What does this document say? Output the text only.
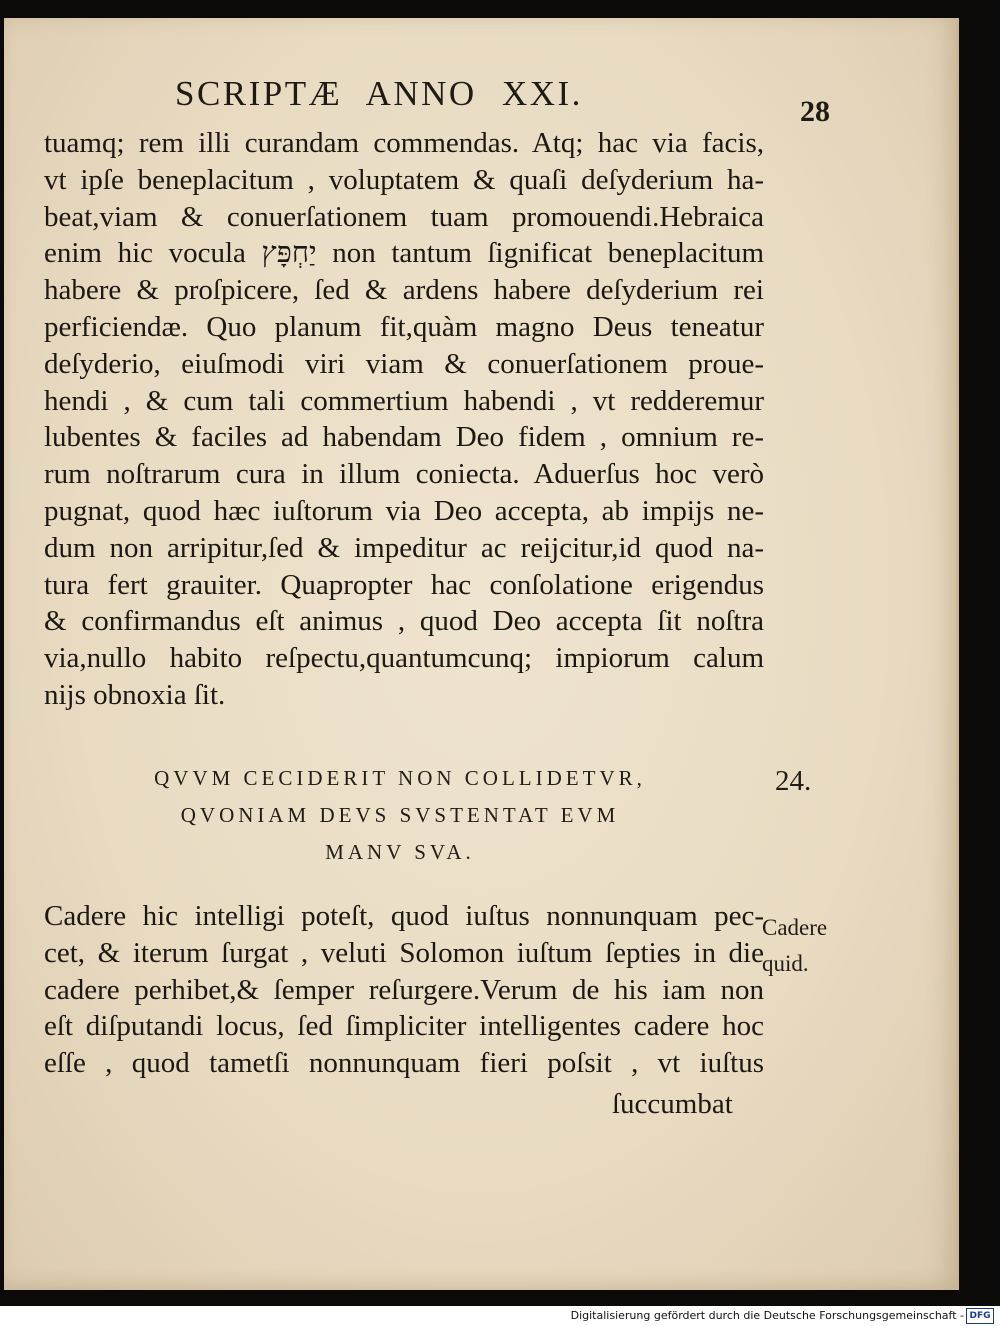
SCRIPTÆ ANNO XXI.	28
tuamq; rem illi curandam commendas. Atq; hac via facis,
vt ipſe beneplacitum , voluptatem & quaſi deſyderium ha-
beat,viam & conuerſationem tuam promouendi.Hebraica
enim hic vocula יַחְפָּץ non tantum ſignificat beneplacitum
habere & proſpicere, ſed & ardens habere deſyderium rei
perficiendæ. Quo planum fit,quàm magno Deus teneatur
deſyderio, eiuſmodi viri viam & conuerſationem proue-
hendi , & cum tali commertium habendi , vt redderemur
lubentes & faciles ad habendam Deo fidem , omnium re-
rum noſtrarum cura in illum coniecta. Aduerſus hoc verò
pugnat, quod hæc iuſtorum via Deo accepta, ab impijs ne-
dum non arripitur,ſed & impeditur ac reijcitur,id quod na-
tura fert grauiter. Quapropter hac conſolatione erigendus
& confirmandus eſt animus , quod Deo accepta ſit noſtra
via,nullo habito reſpectu,quantumcunq; impiorum calum
nijs obnoxia ſit.
QVVM CECIDERIT NON COLLIDETVR,
QVONIAM DEVS SVSTENTAT EVM
MANV SVA.
24.
Cadere hic intelligi poteſt, quod iuſtus nonnunquam pec-
cet, & iterum ſurgat , veluti Solomon iuſtum ſepties in die
cadere perhibet,& ſemper reſurgere.Verum de his iam non
eſt diſputandi locus, ſed ſimpliciter intelligentes cadere hoc
eſſe , quod tametſi nonnunquam fieri poſsit , vt iuſtus
Cadere
quid.
ſuccumbat
Digitalisierung gefördert durch die Deutsche Forschungsgemeinschaft - DFG
